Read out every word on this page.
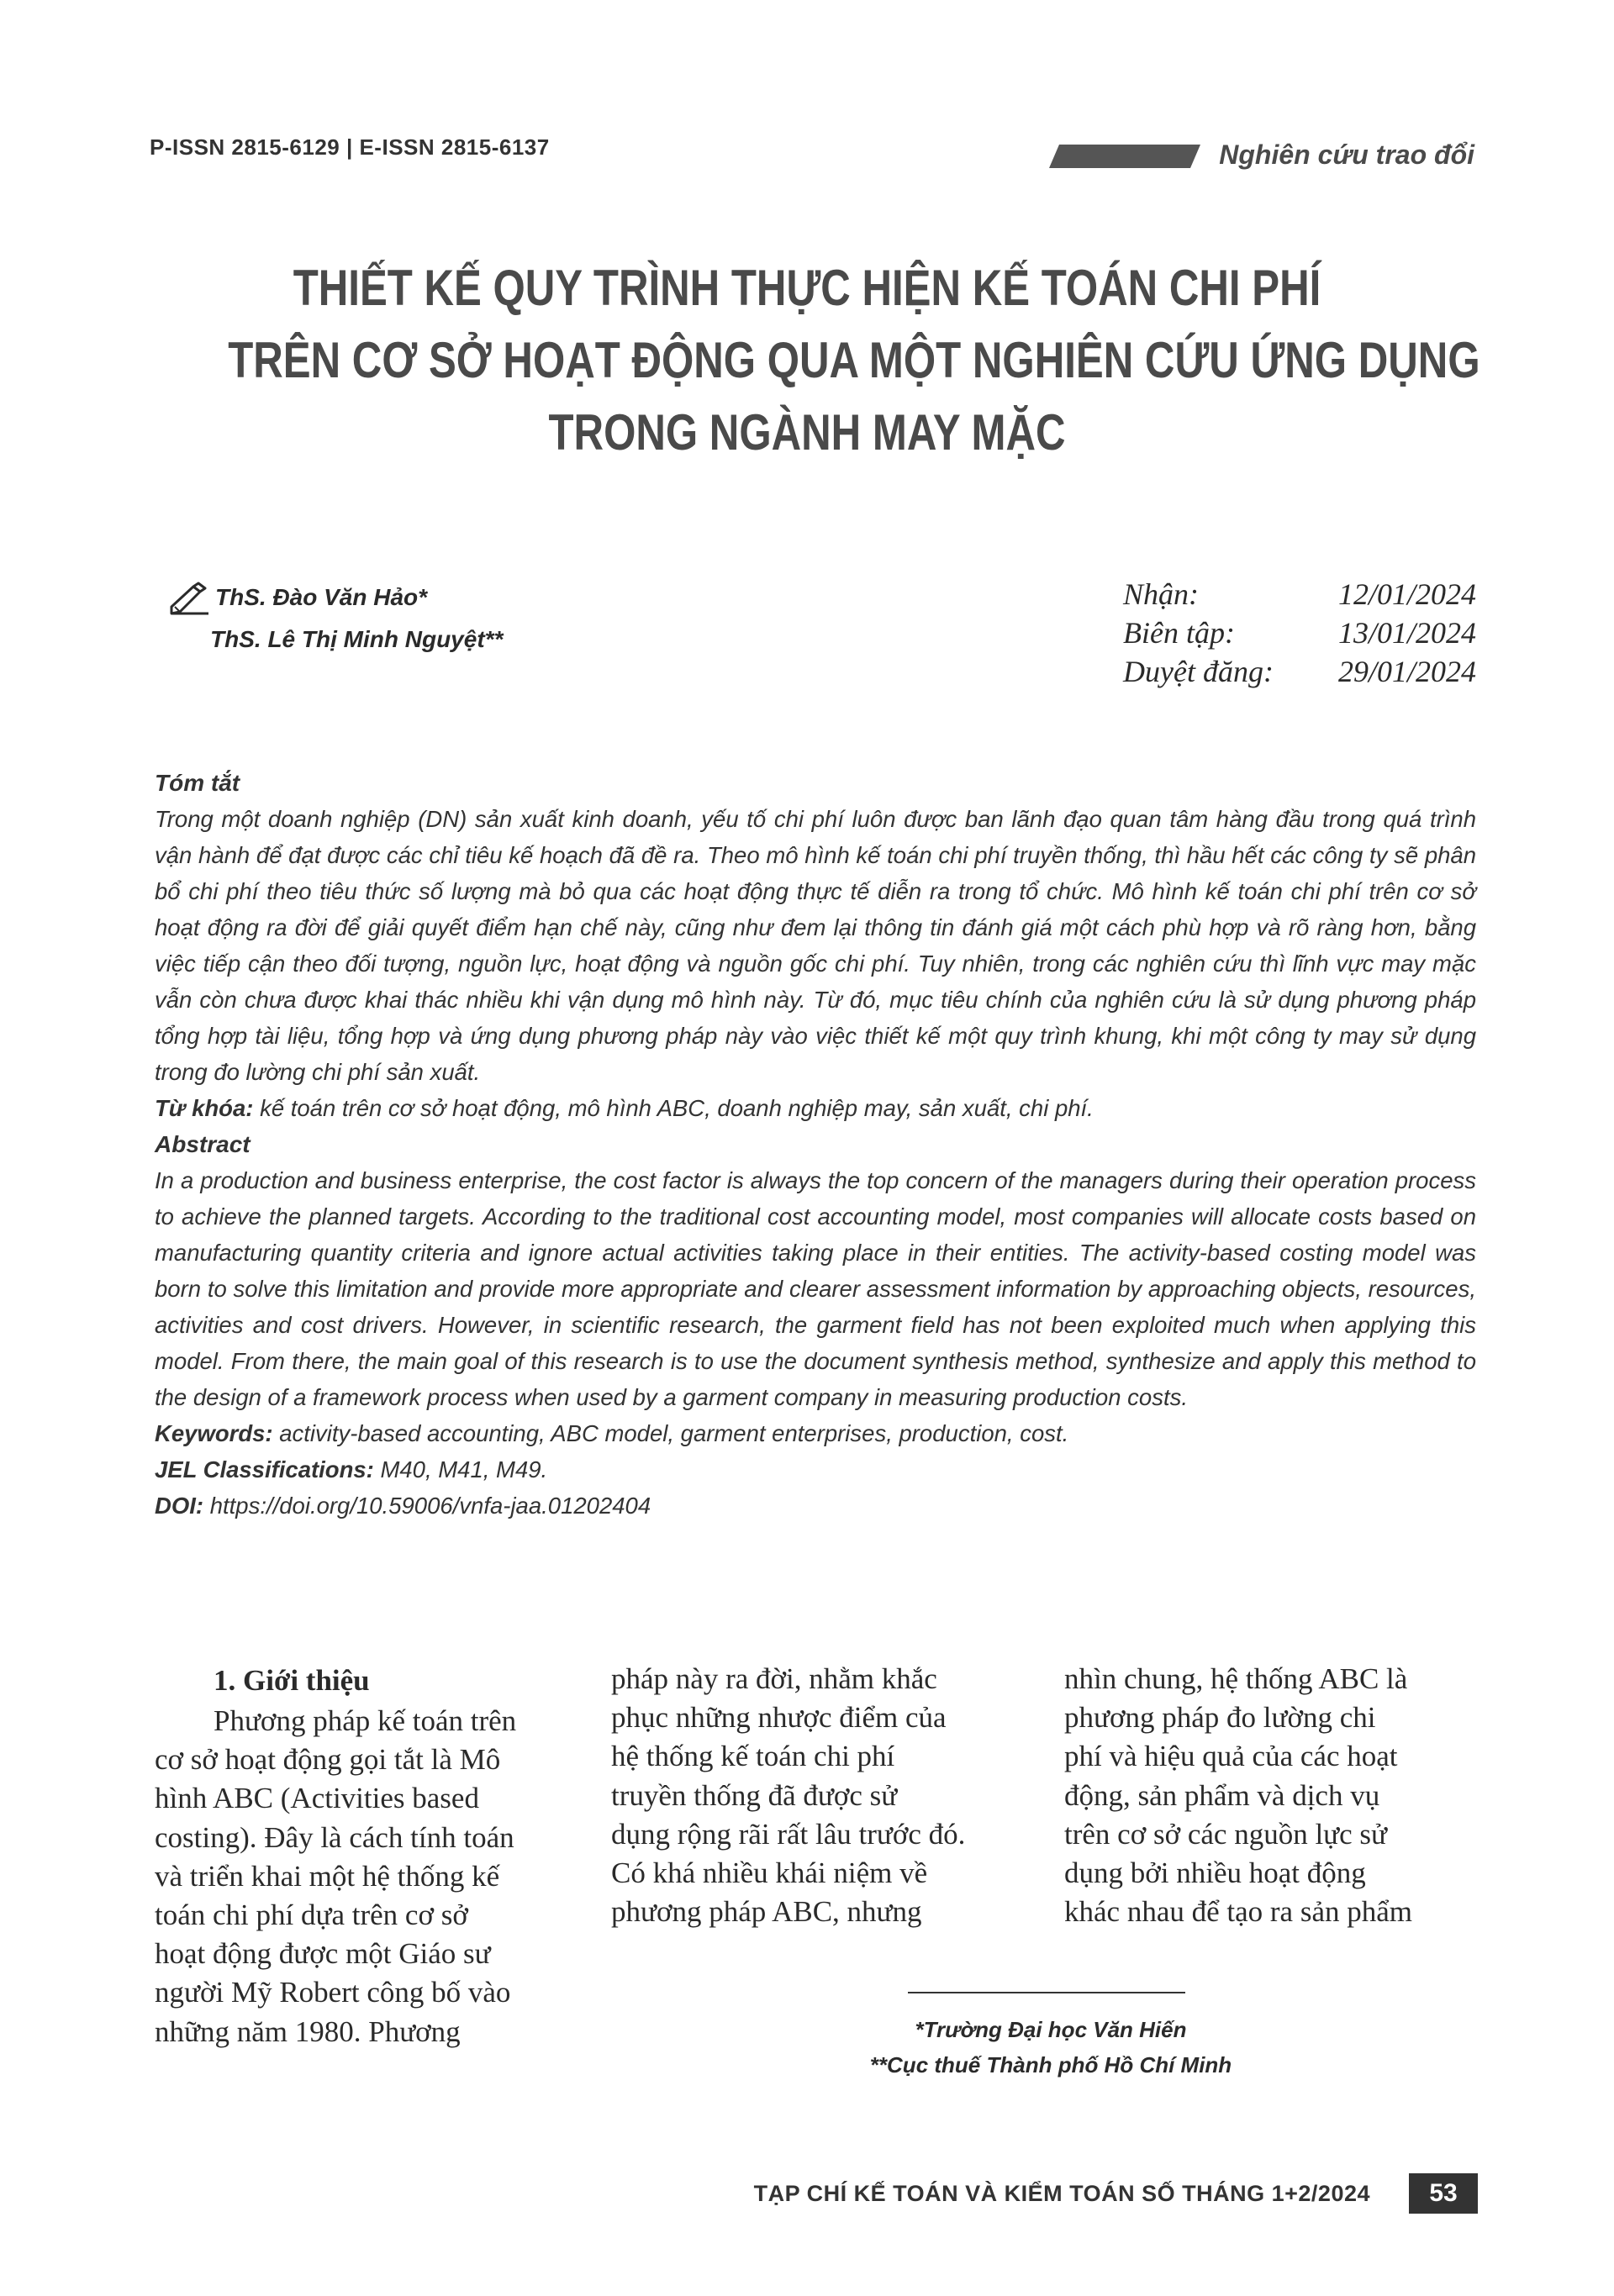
P-ISSN 2815-6129 | E-ISSN 2815-6137	Nghiên cứu trao đổi
THIẾT KẾ QUY TRÌNH THỰC HIỆN KẾ TOÁN CHI PHÍ
TRÊN CƠ SỞ HOẠT ĐỘNG QUA MỘT NGHIÊN CỨU ỨNG DỤNG
TRONG NGÀNH MAY MẶC
ThS. Đào Văn Hảo*
ThS. Lê Thị Minh Nguyệt**
Nhận:	12/01/2024
Biên tập:	13/01/2024
Duyệt đăng: 29/01/2024

Tóm tắt

Trong một doanh nghiệp (DN) sản xuất kinh doanh, yếu tố chi phí luôn được ban lãnh đạo quan tâm hàng đầu trong quá trình vận hành để đạt được các chỉ tiêu kế hoạch đã đề ra. Theo mô hình kế toán chi phí truyền thống, thì hầu hết các công ty sẽ phân bổ chi phí theo tiêu thức số lượng mà bỏ qua các hoạt động thực tế diễn ra trong tổ chức. Mô hình kế toán chi phí trên cơ sở hoạt động ra đời để giải quyết điểm hạn chế này, cũng như đem lại thông tin đánh giá một cách phù hợp và rõ ràng hơn, bằng việc tiếp cận theo đối tượng, nguồn lực, hoạt động và nguồn gốc chi phí. Tuy nhiên, trong các nghiên cứu thì lĩnh vực may mặc vẫn còn chưa được khai thác nhiều khi vận dụng mô hình này. Từ đó, mục tiêu chính của nghiên cứu là sử dụng phương pháp tổng hợp tài liệu, tổng hợp và ứng dụng phương pháp này vào việc thiết kế một quy trình khung, khi một công ty may sử dụng trong đo lường chi phí sản xuất.

Từ khóa: kế toán trên cơ sở hoạt động, mô hình ABC, doanh nghiệp may, sản xuất, chi phí.

Abstract

In a production and business enterprise, the cost factor is always the top concern of the managers during their operation process to achieve the planned targets. According to the traditional cost accounting model, most companies will allocate costs based on manufacturing quantity criteria and ignore actual activities taking place in their entities. The activity-based costing model was born to solve this limitation and provide more appropriate and clearer assessment information by approaching objects, resources, activities and cost drivers. However, in scientific research, the garment field has not been exploited much when applying this model. From there, the main goal of this research is to use the document synthesis method, synthesize and apply this method to the design of a framework process when used by a garment company in measuring production costs.

Keywords: activity-based accounting, ABC model, garment enterprises, production, cost.

JEL Classifications: M40, M41, M49.

DOI: https://doi.org/10.59006/vnfa-jaa.01202404

1. Giới thiệu

Phương pháp kế toán trên

cơ sở hoạt động gọi tắt là Mô

hình ABC (Activities based

costing). Đây là cách tính toán

và triển khai một hệ thống kế

toán chi phí dựa trên cơ sở

hoạt động được một Giáo sư

người Mỹ Robert công bố vào

những năm 1980. Phương

pháp này ra đời, nhằm khắc

phục những nhược điểm của

hệ thống kế toán chi phí

truyền thống đã được sử

dụng rộng rãi rất lâu trước đó.

Có khá nhiều khái niệm về

phương pháp ABC, nhưng

nhìn chung, hệ thống ABC là

phương pháp đo lường chi

phí và hiệu quả của các hoạt

động, sản phẩm và dịch vụ

trên cơ sở các nguồn lực sử

dụng bởi nhiều hoạt động

khác nhau để tạo ra sản phẩm

*Trường Đại học Văn Hiến
**Cục thuế Thành phố Hồ Chí Minh
TẠP CHÍ KẾ TOÁN VÀ KIỂM TOÁN SỐ THÁNG 1+2/2024	53
